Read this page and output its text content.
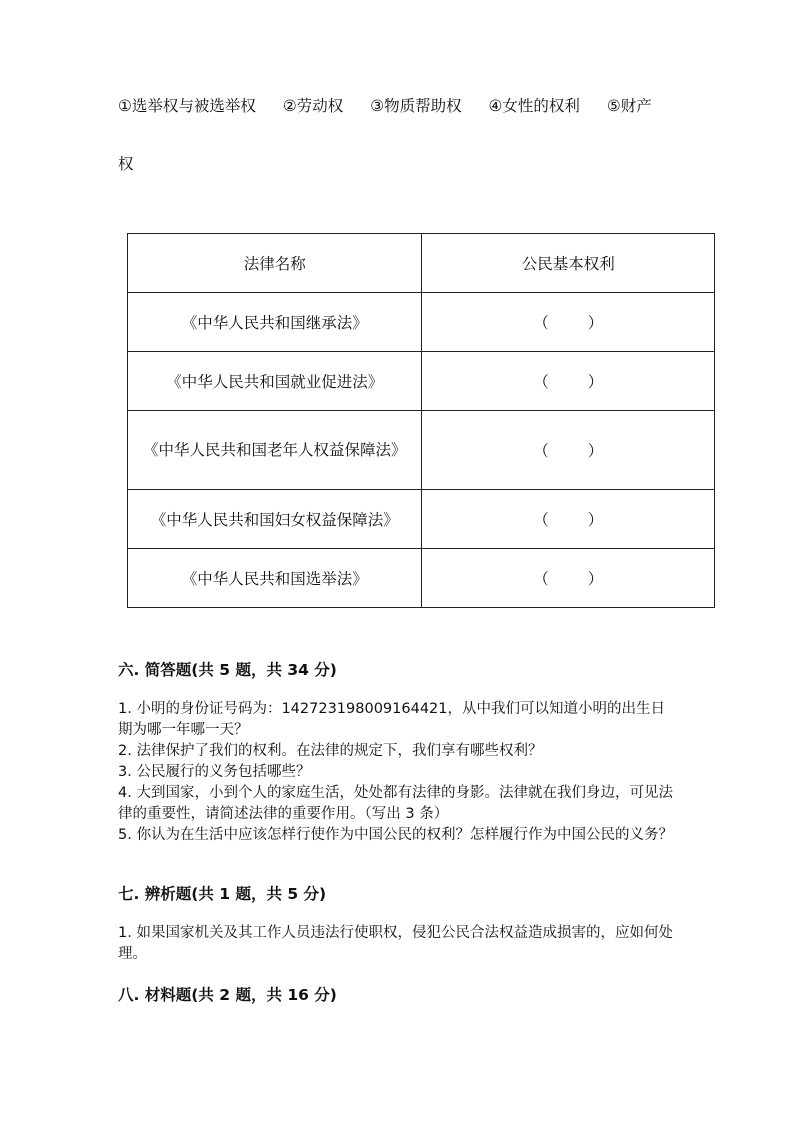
①选举权与被选举权 ②劳动权 ③物质帮助权 ④女性的权利 ⑤财产
权
法律名称	公民基本权利
《中华人民共和国继承法》	（　　）
《中华人民共和国就业促进法》	（　　）
《中华人民共和国老年人权益保障法》	（　　）
《中华人民共和国妇女权益保障法》	（　　）
《中华人民共和国选举法》	（　　）
六. 简答题(共 5 题，共 34 分)
1. 小明的身份证号码为：142723198009164421，从中我们可以知道小明的出生日期为哪一年哪一天？
2. 法律保护了我们的权利。在法律的规定下，我们享有哪些权利？
3. 公民履行的义务包括哪些？
4. 大到国家，小到个人的家庭生活，处处都有法律的身影。法律就在我们身边，可见法律的重要性，请简述法律的重要作用。（写出 3 条）
5. 你认为在生活中应该怎样行使作为中国公民的权利？怎样履行作为中国公民的义务？
七. 辨析题(共 1 题，共 5 分)
1. 如果国家机关及其工作人员违法行使职权，侵犯公民合法权益造成损害的，应如何处理。
八. 材料题(共 2 题，共 16 分)
